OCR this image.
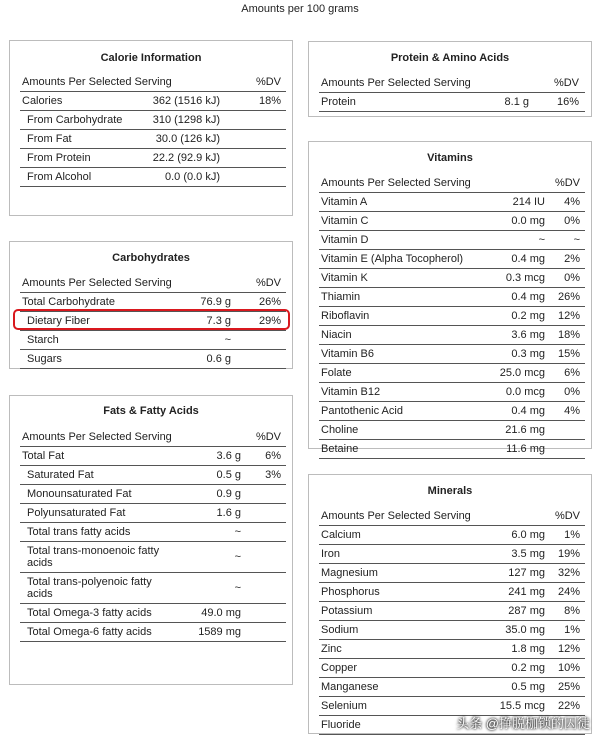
Amounts per 100 grams
Calorie Information
Amounts Per Selected Serving	%DV
Calories	362 (1516 kJ)	18%
From Carbohydrate	310 (1298 kJ)
From Fat	30.0 (126 kJ)
From Protein	22.2 (92.9 kJ)
From Alcohol	0.0 (0.0 kJ)
Carbohydrates
Amounts Per Selected Serving	%DV
Total Carbohydrate	76.9 g	26%
Dietary Fiber	7.3 g	29%
Starch	~
Sugars	0.6 g
Fats & Fatty Acids
Amounts Per Selected Serving	%DV
Total Fat	3.6 g 6%
Saturated Fat	0.5 g 3%
Monounsaturated Fat	0.9 g
Polyunsaturated Fat	1.6 g
Total trans fatty acids	~
Total trans-monoenoic fatty acids	~
Total trans-polyenoic fatty acids	~
Total Omega-3 fatty acids	49.0 mg
Total Omega-6 fatty acids	1589 mg
Protein & Amino Acids
Amounts Per Selected Serving	%DV
Protein	8.1 g	16%
Vitamins
Amounts Per Selected Serving	%DV
Vitamin A	214 IU 4%
Vitamin C	0.0 mg 0%
Vitamin D	~	~
Vitamin E (Alpha Tocopherol)	0.4 mg 2%
Vitamin K	0.3 mcg 0%
Thiamin	0.4 mg 26%
Riboflavin	0.2 mg 12%
Niacin	3.6 mg 18%
Vitamin B6	0.3 mg 15%
Folate	25.0 mcg 6%
Vitamin B12	0.0 mcg 0%
Pantothenic Acid	0.4 mg 4%
Choline	21.6 mg
Betaine	11.6 mg
Minerals
Amounts Per Selected Serving	%DV
Calcium	6.0 mg 1%
Iron	3.5 mg 19%
Magnesium	127 mg 32%
Phosphorus	241 mg 24%
Potassium	287 mg 8%
Sodium	35.0 mg 1%
Zinc	1.8 mg 12%
Copper	0.2 mg 10%
Manganese	0.5 mg 25%
Selenium	15.5 mcg 22%
Fluoride	头条 @挣脱枷锁的囚徒
